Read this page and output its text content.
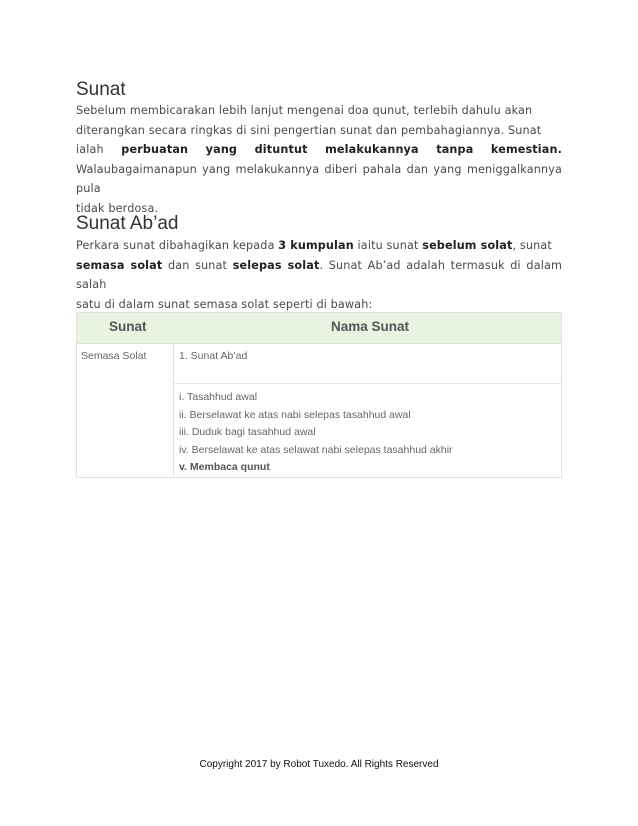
Sunat
Sebelum membicarakan lebih lanjut mengenai doa qunut, terlebih dahulu akan
diterangkan secara ringkas di sini pengertian sunat dan pembahagiannya. Sunat
ialah perbuatan yang dituntut melakukannya tanpa kemestian.
Walaubagaimanapun yang melakukannya diberi pahala dan yang meniggalkannya pula
tidak berdosa.
Sunat Ab’ad
Perkara sunat dibahagikan kepada 3 kumpulan iaitu sunat sebelum solat, sunat
semasa solat dan sunat selepas solat. Sunat Ab’ad adalah termasuk di dalam salah
satu di dalam sunat semasa solat seperti di bawah:
Sunat	Nama Sunat
Semasa Solat	1. Sunat Ab’ad
i. Tasahhud awal
ii. Berselawat ke atas nabi selepas tasahhud awal
iii. Duduk bagi tasahhud awal
iv. Berselawat ke atas selawat nabi selepas tasahhud akhir
v. Membaca qunut
Copyright 2017 by Robot Tuxedo. All Rights Reserved
